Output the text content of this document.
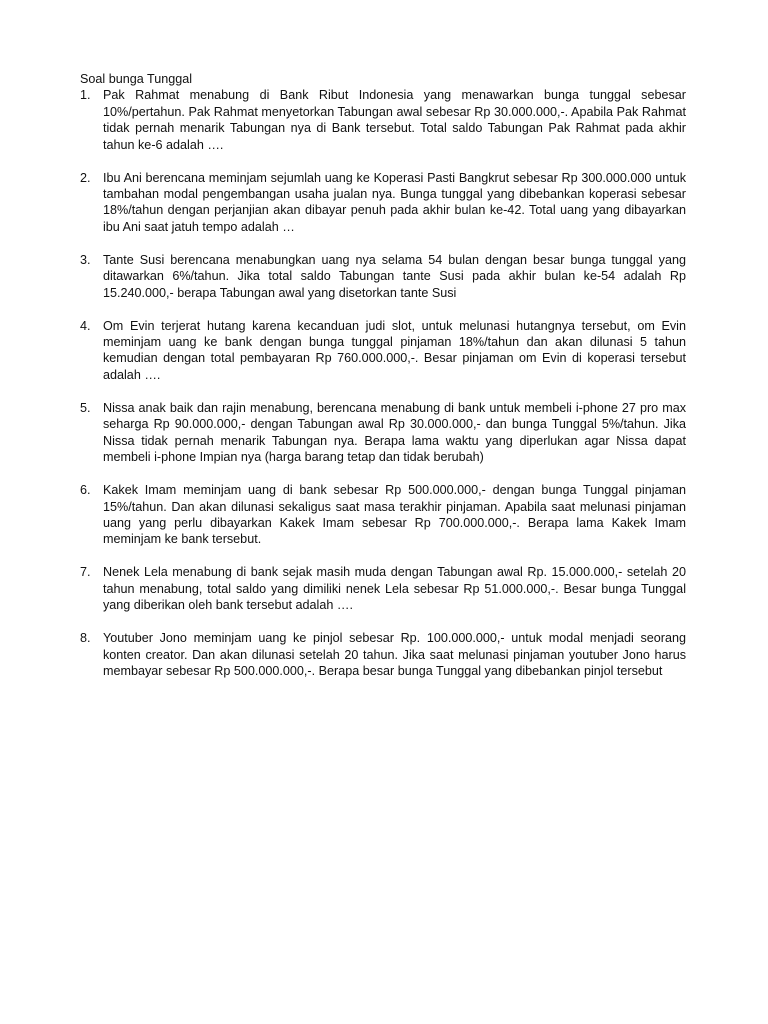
Soal bunga Tunggal

1. Pak Rahmat menabung di Bank Ribut Indonesia yang menawarkan bunga tunggal sebesar 10%/pertahun. Pak Rahmat menyetorkan Tabungan awal sebesar Rp 30.000.000,-. Apabila Pak Rahmat tidak pernah menarik Tabungan nya di Bank tersebut. Total saldo Tabungan Pak Rahmat pada akhir tahun ke-6 adalah ….

2. Ibu Ani berencana meminjam sejumlah uang ke Koperasi Pasti Bangkrut sebesar Rp 300.000.000 untuk tambahan modal pengembangan usaha jualan nya. Bunga tunggal yang dibebankan koperasi sebesar 18%/tahun dengan perjanjian akan dibayar penuh pada akhir bulan ke-42. Total uang yang dibayarkan ibu Ani saat jatuh tempo adalah …

3. Tante Susi berencana menabungkan uang nya selama 54 bulan dengan besar bunga tunggal yang ditawarkan 6%/tahun. Jika total saldo Tabungan tante Susi pada akhir bulan ke-54 adalah Rp 15.240.000,- berapa Tabungan awal yang disetorkan tante Susi

4. Om Evin terjerat hutang karena kecanduan judi slot, untuk melunasi hutangnya tersebut, om Evin meminjam uang ke bank dengan bunga tunggal pinjaman 18%/tahun dan akan dilunasi 5 tahun kemudian dengan total pembayaran Rp 760.000.000,-. Besar pinjaman om Evin di koperasi tersebut adalah ….

5. Nissa anak baik dan rajin menabung, berencana menabung di bank untuk membeli i-phone 27 pro max seharga Rp 90.000.000,- dengan Tabungan awal Rp 30.000.000,- dan bunga Tunggal 5%/tahun. Jika Nissa tidak pernah menarik Tabungan nya. Berapa lama waktu yang diperlukan agar Nissa dapat membeli i-phone Impian nya (harga barang tetap dan tidak berubah)

6. Kakek Imam meminjam uang di bank sebesar Rp 500.000.000,- dengan bunga Tunggal pinjaman 15%/tahun. Dan akan dilunasi sekaligus saat masa terakhir pinjaman. Apabila saat melunasi pinjaman uang yang perlu dibayarkan Kakek Imam sebesar Rp 700.000.000,-. Berapa lama Kakek Imam meminjam ke bank tersebut.

7. Nenek Lela menabung di bank sejak masih muda dengan Tabungan awal Rp. 15.000.000,- setelah 20 tahun menabung, total saldo yang dimiliki nenek Lela sebesar Rp 51.000.000,-. Besar bunga Tunggal yang diberikan oleh bank tersebut adalah ….

8. Youtuber Jono meminjam uang ke pinjol sebesar Rp. 100.000.000,- untuk modal menjadi seorang konten creator. Dan akan dilunasi setelah 20 tahun. Jika saat melunasi pinjaman youtuber Jono harus membayar sebesar Rp 500.000.000,-. Berapa besar bunga Tunggal yang dibebankan pinjol tersebut
